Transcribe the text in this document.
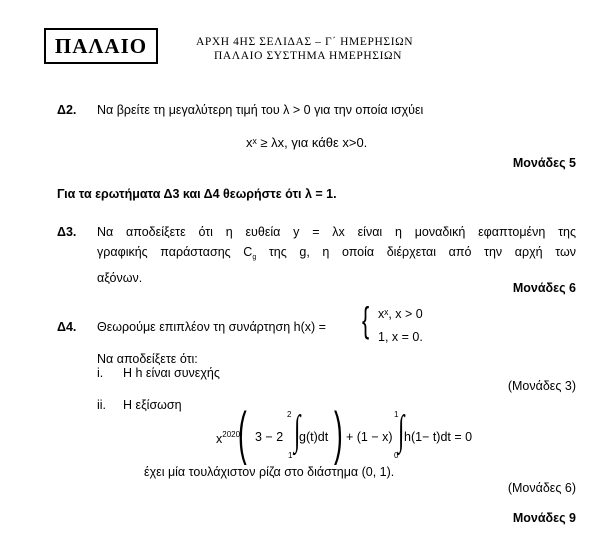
ΠΑΛΑΙΟ	ΑΡΧΗ 4ΗΣ ΣΕΛΙΔΑΣ – Γ΄ ΗΜΕΡΗΣΙΩΝ
ΠΑΛΑΙΟ ΣΥΣΤΗΜΑ ΗΜΕΡΗΣΙΩΝ
Δ2. Να βρείτε τη μεγαλύτερη τιμή του λ > 0 για την οποία ισχύει
xˣ ≥ λx, για κάθε x>0.
Μονάδες 5
Για τα ερωτήματα Δ3 και Δ4 θεωρήστε ότι λ = 1.
Δ3. Να αποδείξετε ότι η ευθεία y = λx είναι η μοναδική εφαπτομένη της
γραφικής παράστασης $C_g$ της g, η οποία διέρχεται από την αρχή των
αξόνων.
Μονάδες 6
Δ4. Θεωρούμε επιπλέον τη συνάρτηση h(x) = { xˣ, x > 0
1, x = 0.
Να αποδείξετε ότι:
i. Η h είναι συνεχής
(Μονάδες 3)
ii. Η εξίσωση
$x^{2020}$
( 3 − 2 ∫
2
1
g(t)dt ) + (1 − x) ∫
1
0
h(1− t)dt = 0
έχει μία τουλάχιστον ρίζα στο διάστημα (0, 1).
(Μονάδες 6)
Μονάδες 9
